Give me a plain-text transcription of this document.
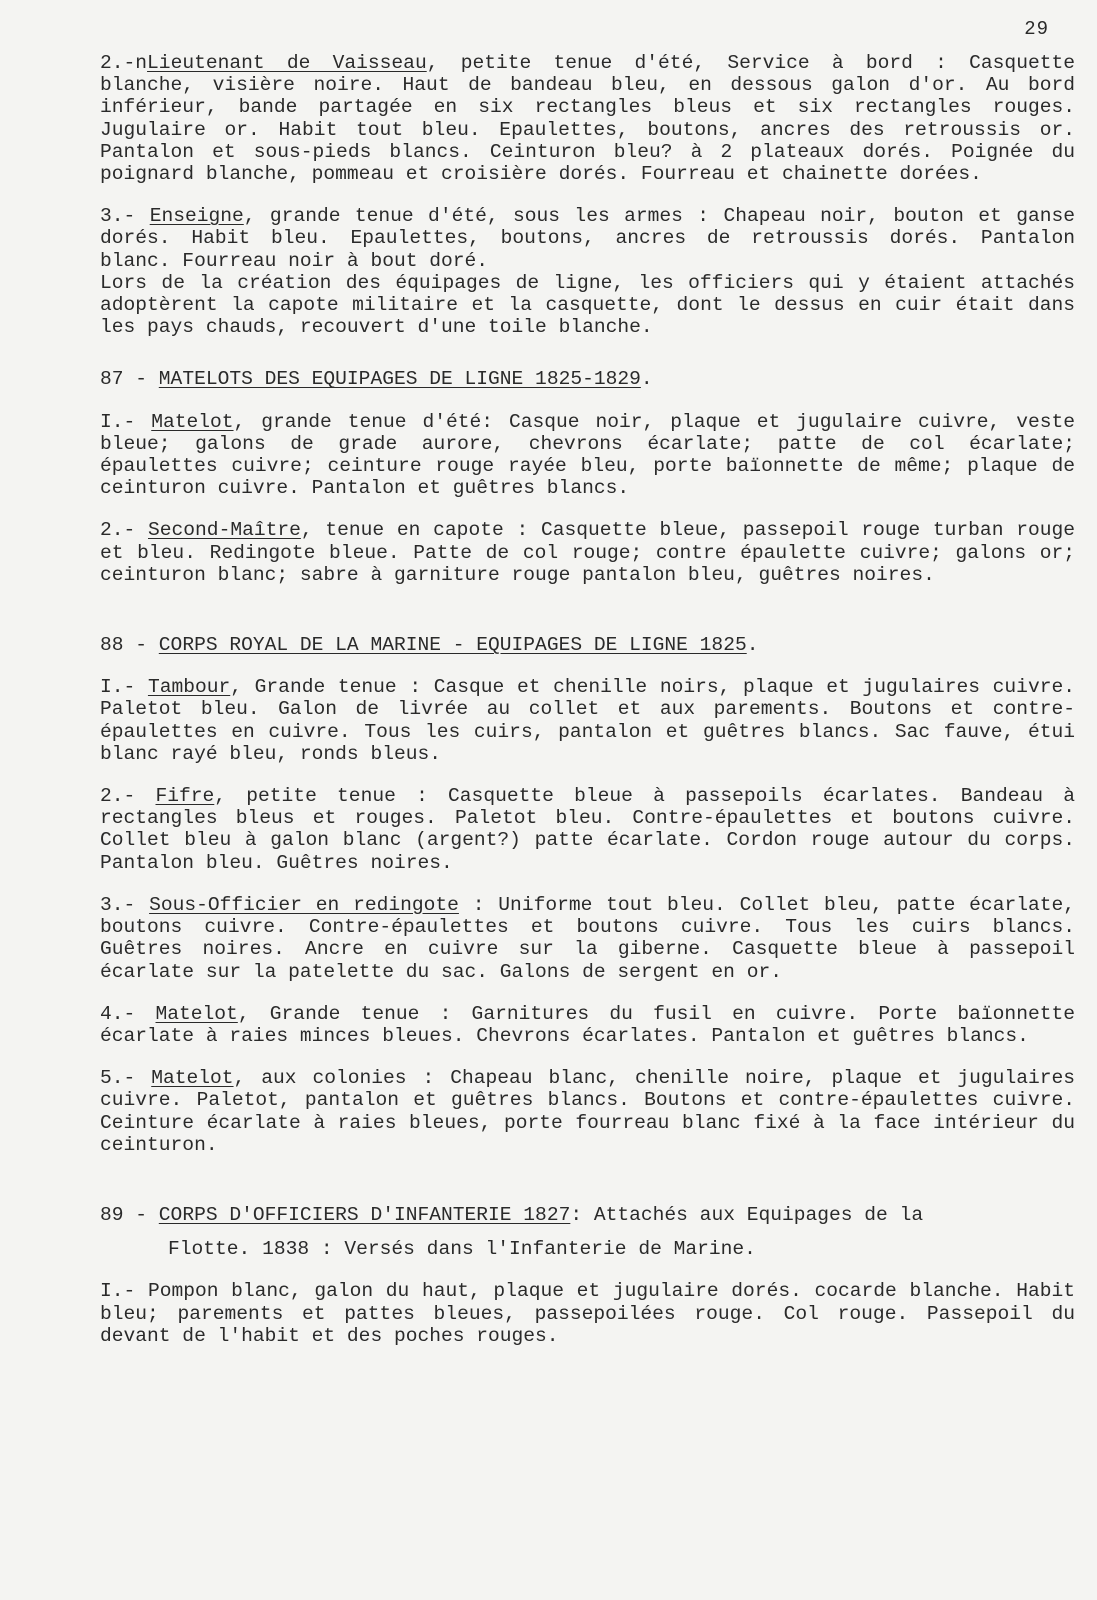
29
2.-nLieutenant de Vaisseau, petite tenue d'été, Service à bord : Casquette blanche, visière noire. Haut de bandeau bleu, en dessous galon d'or. Au bord inférieur, bande partagée en six rectangles bleus et six rectangles rouges. Jugulaire or. Habit tout bleu. Epaulettes, boutons, ancres des retroussis or. Pantalon et sous-pieds blancs. Ceinturon bleu? à 2 plateaux dorés. Poignée du poignard blanche, pommeau et croisière dorés. Fourreau et chainette dorées.
3.- Enseigne, grande tenue d'été, sous les armes : Chapeau noir, bouton et ganse dorés. Habit bleu. Epaulettes, boutons, ancres de retroussis dorés. Pantalon blanc. Fourreau noir à bout doré.
Lors de la création des équipages de ligne, les officiers qui y étaient attachés adoptèrent la capote militaire et la casquette, dont le dessus en cuir était dans les pays chauds, recouvert d'une toile blanche.
87 - MATELOTS DES EQUIPAGES DE LIGNE 1825-1829.
I.- Matelot, grande tenue d'été: Casque noir, plaque et jugulaire cuivre, veste bleue; galons de grade aurore, chevrons écarlate; patte de col écarlate; épaulettes cuivre; ceinture rouge rayée bleu, porte baïonnette de même; plaque de ceinturon cuivre. Pantalon et guêtres blancs.
2.- Second-Maître, tenue en capote : Casquette bleue, passepoil rouge turban rouge et bleu. Redingote bleue. Patte de col rouge; contre épaulette cuivre; galons or; ceinturon blanc; sabre à garniture rouge pantalon bleu, guêtres noires.
88 - CORPS ROYAL DE LA MARINE - EQUIPAGES DE LIGNE 1825.
I.- Tambour, Grande tenue : Casque et chenille noirs, plaque et jugulaires cuivre. Paletot bleu. Galon de livrée au collet et aux parements. Boutons et contre-épaulettes en cuivre. Tous les cuirs, pantalon et guêtres blancs. Sac fauve, étui blanc rayé bleu, ronds bleus.
2.- Fifre, petite tenue : Casquette bleue à passepoils écarlates. Bandeau à rectangles bleus et rouges. Paletot bleu. Contre-épaulettes et boutons cuivre. Collet bleu à galon blanc (argent?) patte écarlate. Cordon rouge autour du corps. Pantalon bleu. Guêtres noires.
3.- Sous-Officier en redingote : Uniforme tout bleu. Collet bleu, patte écarlate, boutons cuivre. Contre-épaulettes et boutons cuivre. Tous les cuirs blancs. Guêtres noires. Ancre en cuivre sur la giberne. Casquette bleue à passepoil écarlate sur la patelette du sac. Galons de sergent en or.
4.- Matelot, Grande tenue : Garnitures du fusil en cuivre. Porte baïonnette écarlate à raies minces bleues. Chevrons écarlates. Pantalon et guêtres blancs.
5.- Matelot, aux colonies : Chapeau blanc, chenille noire, plaque et jugulaires cuivre. Paletot, pantalon et guêtres blancs. Boutons et contre-épaulettes cuivre. Ceinture écarlate à raies bleues, porte fourreau blanc fixé à la face intérieur du ceinturon.
89 - CORPS D'OFFICIERS D'INFANTERIE 1827: Attachés aux Equipages de la
Flotte. 1838 : Versés dans l'Infanterie de Marine.
I.- Pompon blanc, galon du haut, plaque et jugulaire dorés. cocarde blanche. Habit bleu; parements et pattes bleues, passepoilées rouge. Col rouge. Passepoil du devant de l'habit et des poches rouges.
